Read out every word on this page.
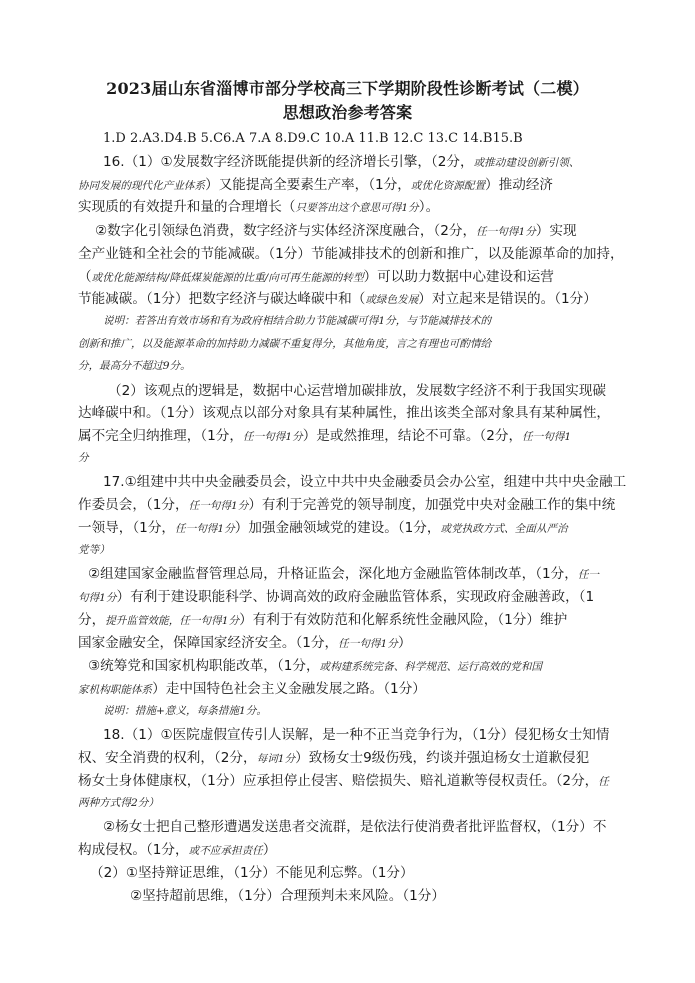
2023届山东省淄博市部分学校高三下学期阶段性诊断考试（二模）
思想政治参考答案
1.D 2.A3.D4.B 5.C6.A 7.A 8.D9.C 10.A 11.B 12.C 13.C 14.B15.B
16.（1）①发展数字经济既能提供新的经济增长引擎，（2分，或推动建设创新引领、
协同发展的现代化产业体系）又能提高全要素生产率，（1分，或优化资源配置）推动经济
实现质的有效提升和量的合理增长（只要答出这个意思可得1分）。
②数字化引领绿色消费，数字经济与实体经济深度融合，（2分，任一句得1分）实现
全产业链和全社会的节能减碳。（1分）节能减排技术的创新和推广，以及能源革命的加持，
（或优化能源结构/降低煤炭能源的比重/向可再生能源的转型）可以助力数据中心建设和运营
节能减碳。（1分）把数字经济与碳达峰碳中和（或绿色发展）对立起来是错误的。（1分）
说明：若答出有效市场和有为政府相结合助力节能减碳可得1分，与节能减排技术的
创新和推广，以及能源革命的加持助力减碳不重复得分，其他角度，言之有理也可酌情给
分，最高分不超过9分。
（2）该观点的逻辑是，数据中心运营增加碳排放，发展数字经济不利于我国实现碳
达峰碳中和。（1分）该观点以部分对象具有某种属性，推出该类全部对象具有某种属性，
属不完全归纳推理，（1分，任一句得1分）是或然推理，结论不可靠。（2分，任一句得1
分
17.①组建中共中央金融委员会，设立中共中央金融委员会办公室，组建中共中央金融工
作委员会，（1分，任一句得1分）有利于完善党的领导制度，加强党中央对金融工作的集中统
一领导，（1分，任一句得1分）加强金融领域党的建设。（1分，或党执政方式、全面从严治
党等）
②组建国家金融监督管理总局，升格证监会，深化地方金融监管体制改革，（1分，任一
句得1分）有利于建设职能科学、协调高效的政府金融监管体系，实现政府金融善政，（1
分，提升监管效能，任一句得1分）有利于有效防范和化解系统性金融风险，（1分）维护
国家金融安全，保障国家经济安全。（1分，任一句得1分）
③统筹党和国家机构职能改革，（1分，或构建系统完备、科学规范、运行高效的党和国
家机构职能体系）走中国特色社会主义金融发展之路。（1分）
说明：措施+意义，每条措施1分。
18.（1）①医院虚假宣传引人误解，是一种不正当竞争行为，（1分）侵犯杨女士知情
权、安全消费的权利，（2分，每词1分）致杨女士9级伤残，约谈并强迫杨女士道歉侵犯
杨女士身体健康权，（1分）应承担停止侵害、赔偿损失、赔礼道歉等侵权责任。（2分，任
两种方式得2分）
②杨女士把自己整形遭遇发送患者交流群，是依法行使消费者批评监督权，（1分）不
构成侵权。（1分，或不应承担责任）
（2）①坚持辩证思维，（1分）不能见利忘弊。（1分）
②坚持超前思维，（1分）合理预判未来风险。（1分）
